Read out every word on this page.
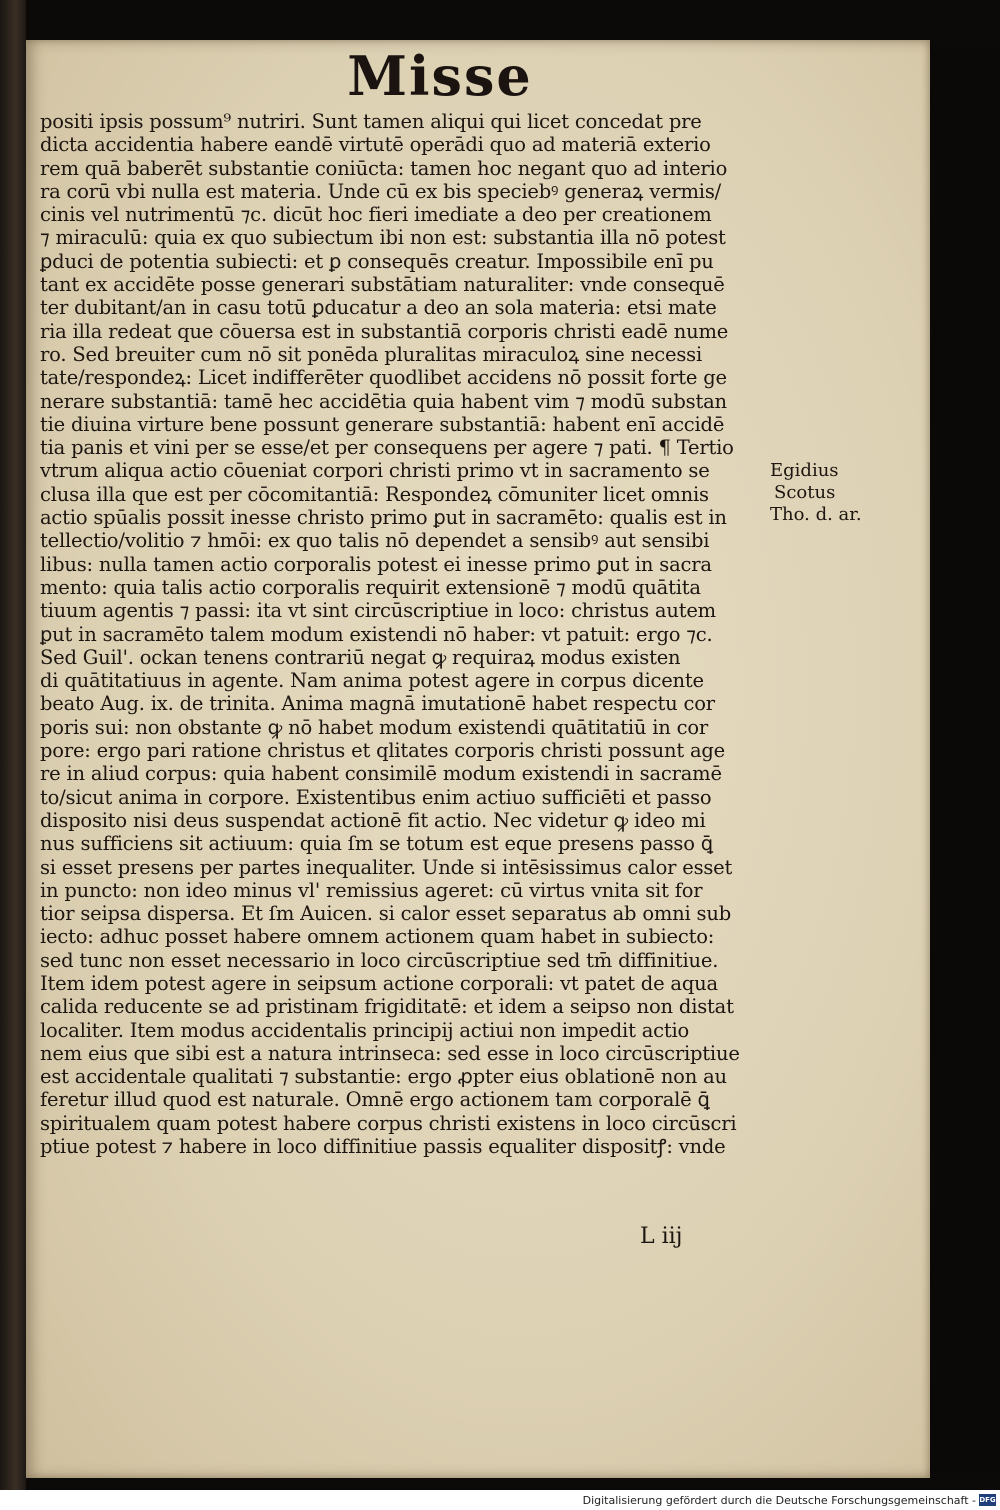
Misse
positi ipsis possum⁹ nutriri. Sunt tamen aliqui qui licet concedat pre
dicta accidentia habere eandē virtutē operādi quo ad materiā exterio
rem quā baberēt substantie coniūcta: tamen hoc negant quo ad interio
ra corū vbi nulla est materia. Unde cū ex bis speciebꝰ generaꝝ vermis/
cinis vel nutrimentū ⁊c. dicūt hoc fieri imediate a deo per creationem
⁊ miraculū: quia ex quo subiectum ibi non est: substantia illa nō potest
ꝑduci de potentia subiecti: et ꝑ consequēs creatur. Impossibile enī pu
tant ex accidēte posse generari substātiam naturaliter: vnde consequē
ter dubitant/an in casu totū ꝑducatur a deo an sola materia: etsi mate
ria illa redeat que cōuersa est in substantiā corporis christi eadē nume
ro. Sed breuiter cum nō sit ponēda pluralitas miraculoꝝ sine necessi
tate/respondeꝝ: Licet indifferēter quodlibet accidens nō possit forte ge
nerare substantiā: tamē hec accidētia quia habent vim ⁊ modū substan
tie diuina virture bene possunt generare substantiā: habent enī accidē
tia panis et vini per se esse/et per consequens per agere ⁊ pati. ¶ Tertio
vtrum aliqua actio cōueniat corpori christi primo vt in sacramento se
clusa illa que est per cōcomitantiā: Respondeꝝ cōmuniter licet omnis
actio spūalis possit inesse christo primo ꝑut in sacramēto: qualis est in
tellectio/volitio ⁊ hmōi: ex quo talis nō dependet a sensibꝰ aut sensibi
libus: nulla tamen actio corporalis potest ei inesse primo ꝑut in sacra
mento: quia talis actio corporalis requirit extensionē ⁊ modū quātita
tiuum agentis ⁊ passi: ita vt sint circūscriptiue in loco: christus autem
ꝑut in sacramēto talem modum existendi nō haber: vt patuit: ergo ⁊c.
Sed Guil'. ockan tenens contrariū negat ꝙ requiraꝝ modus existen
di quātitatiuus in agente. Nam anima potest agere in corpus dicente
beato Aug. ix. de trinita. Anima magnā imutationē habet respectu cor
poris sui: non obstante ꝙ nō habet modum existendi quātitatiū in cor
pore: ergo pari ratione christus et qlitates corporis christi possunt age
re in aliud corpus: quia habent consimilē modum existendi in sacramē
to/sicut anima in corpore. Existentibus enim actiuo sufficiēti et passo
disposito nisi deus suspendat actionē fit actio. Nec videtur ꝙ ideo mi
nus sufficiens sit actiuum: quia ſm se totum est eque presens passo ꝗ̄
si esset presens per partes inequaliter. Unde si intēsissimus calor esset
in puncto: non ideo minus vl' remissius ageret: cū virtus vnita sit for
tior seipsa dispersa. Et ſm Auicen. si calor esset separatus ab omni sub
iecto: adhuc posset habere omnem actionem quam habet in subiecto:
sed tunc non esset necessario in loco circūscriptiue sed tm̄ diffinitiue.
Item idem potest agere in seipsum actione corporali: vt patet de aqua
calida reducente se ad pristinam frigiditatē: et idem a seipso non distat
localiter. Item modus accidentalis principij actiui non impedit actio
nem eius que sibi est a natura intrinseca: sed esse in loco circūscriptiue
est accidentale qualitati ⁊ substantie: ergo ꝓpter eius oblationē non au
feretur illud quod est naturale. Omnē ergo actionem tam corporalē ꝗ̄
spiritualem quam potest habere corpus christi existens in loco circūscri
ptiue potest ⁊ habere in loco diffinitiue passis equaliter dispositꝭ: vnde
Egidius
Scotus
Tho. d. ar.
L iij
Digitalisierung gefördert durch die Deutsche Forschungsgemeinschaft - DFG
